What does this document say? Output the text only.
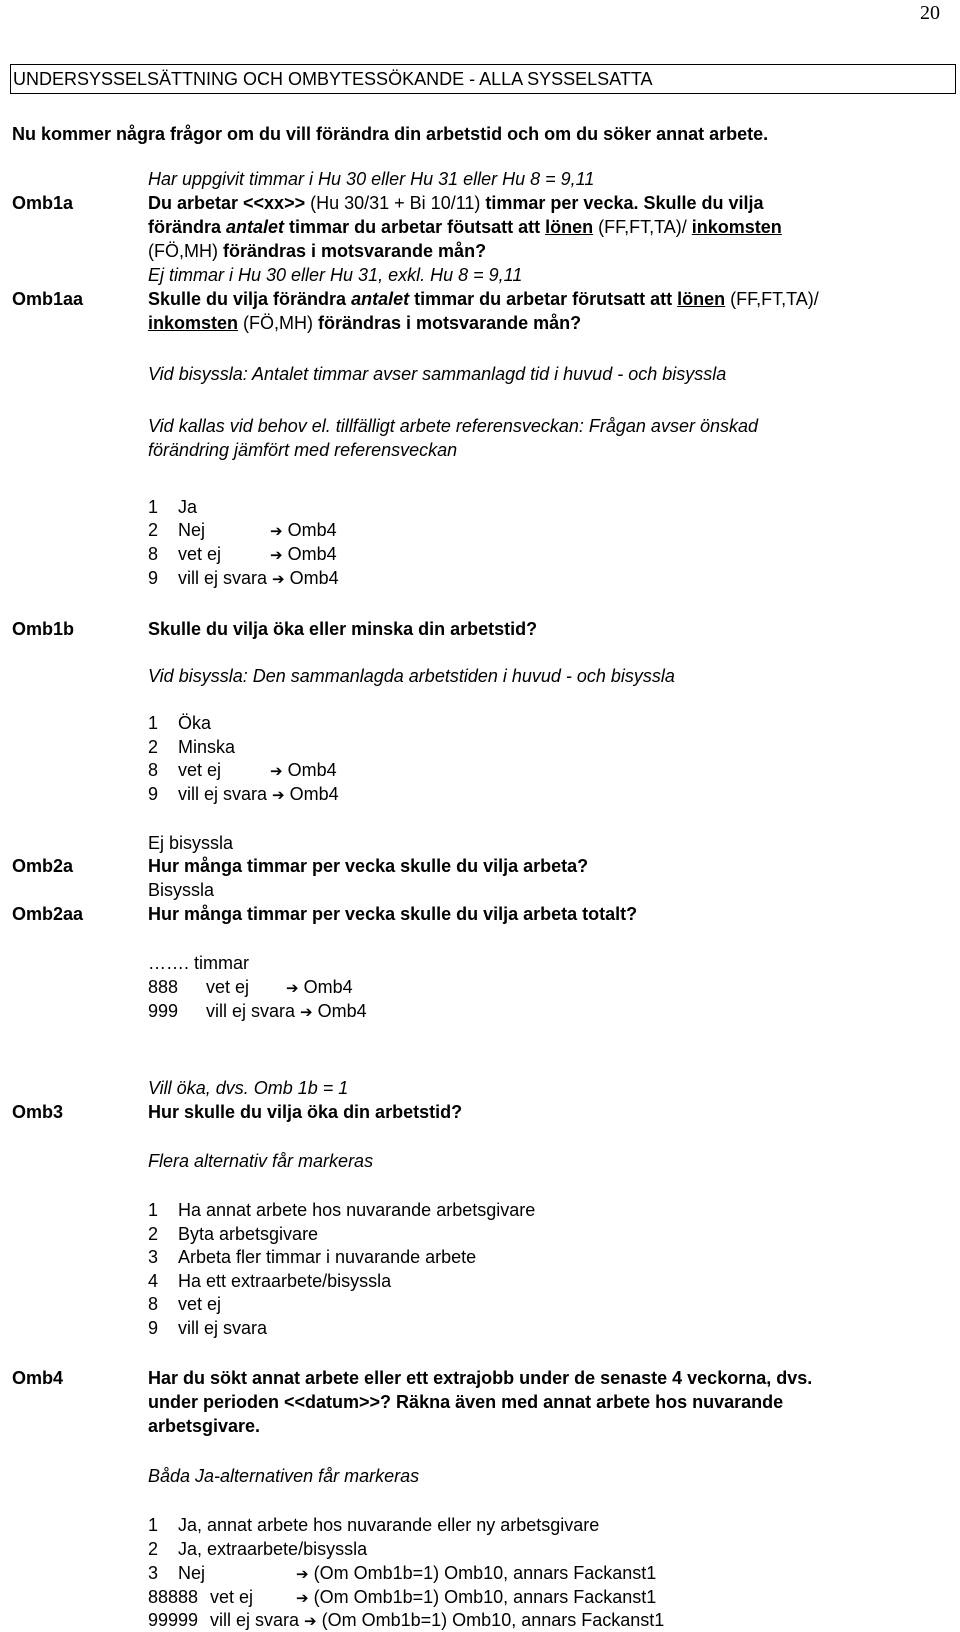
20
UNDERSYSSELSÄTTNING OCH OMBYTESSÖKANDE - ALLA SYSSELSATTA
Nu kommer några frågor om du vill förändra din arbetstid och om du söker annat arbete.
Har uppgivit timmar i Hu 30 eller Hu 31 eller Hu 8 = 9,11
Omb1a	Du arbetar <<xx>> (Hu 30/31 + Bi 10/11) timmar per vecka. Skulle du vilja
förändra antalet timmar du arbetar föutsatt att lönen (FF,FT,TA)/ inkomsten
(FÖ,MH) förändras i motsvarande mån?
Ej timmar i Hu 30 eller Hu 31, exkl. Hu 8 = 9,11
Omb1aa	Skulle du vilja förändra antalet timmar du arbetar förutsatt att lönen (FF,FT,TA)/
inkomsten (FÖ,MH) förändras i motsvarande mån?
Vid bisyssla: Antalet timmar avser sammanlagd tid i huvud - och bisyssla
Vid kallas vid behov el. tillfälligt arbete referensveckan: Frågan avser önskad
förändring jämfört med referensveckan
1 Ja
2 Nej	➔ Omb4
8 vet ej	➔ Omb4
9 vill ej svara ➔ Omb4
Omb1b	Skulle du vilja öka eller minska din arbetstid?
Vid bisyssla: Den sammanlagda arbetstiden i huvud - och bisyssla
1 Öka
2 Minska
8 vet ej	➔ Omb4
9 vill ej svara ➔ Omb4
Ej bisyssla
Omb2a	Hur många timmar per vecka skulle du vilja arbeta?
Bisyssla
Omb2aa	Hur många timmar per vecka skulle du vilja arbeta totalt?
……. timmar
888 vet ej ➔ Omb4
999 vill ej svara ➔ Omb4
Vill öka, dvs. Omb 1b = 1
Omb3	Hur skulle du vilja öka din arbetstid?
Flera alternativ får markeras
1 Ha annat arbete hos nuvarande arbetsgivare
2 Byta arbetsgivare
3 Arbeta fler timmar i nuvarande arbete
4 Ha ett extraarbete/bisyssla
8 vet ej
9 vill ej svara
Omb4	Har du sökt annat arbete eller ett extrajobb under de senaste 4 veckorna, dvs.
under perioden <<datum>>? Räkna även med annat arbete hos nuvarande
arbetsgivare.
Båda Ja-alternativen får markeras
1 Ja, annat arbete hos nuvarande eller ny arbetsgivare
2 Ja, extraarbete/bisyssla
3 Nej	➔ (Om Omb1b=1) Omb10, annars Fackanst1
88888 vet ej	➔ (Om Omb1b=1) Omb10, annars Fackanst1
99999 vill ej svara ➔ (Om Omb1b=1) Omb10, annars Fackanst1
